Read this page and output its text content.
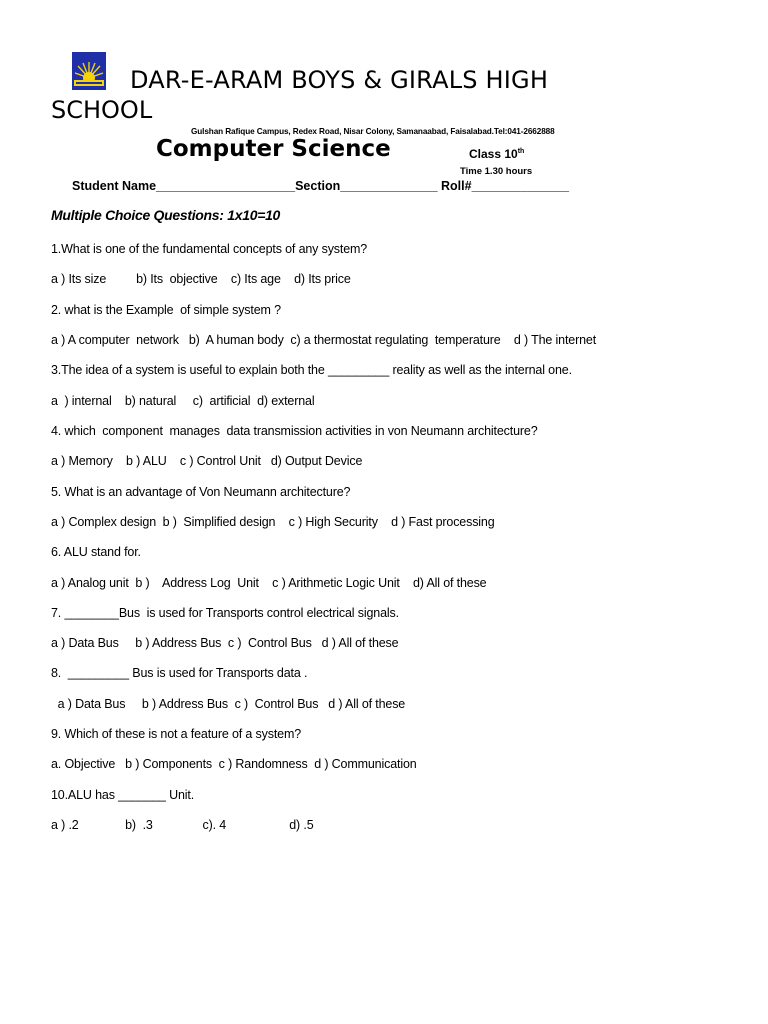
DAR-E-ARAM BOYS & GIRALS HIGH
SCHOOL
Gulshan Rafique Campus, Redex Road, Nisar Colony, Samanaabad, Faisalabad.Tel:041-2662888
Computer Science	Class 10th
Time 1.30 hours
Student Name____________________Section______________ Roll#______________
Multiple Choice Questions: 1x10=10
1.What is one of the fundamental concepts of any system?
a ) Its size         b) Its  objective    c) Its age    d) Its price
2. what is the Example  of simple system ?
a ) A computer  network   b)  A human body  c) a thermostat regulating  temperature    d ) The internet
3.The idea of a system is useful to explain both the _________ reality as well as the internal one.
a  ) internal    b) natural     c)  artificial  d) external
4. which  component  manages  data transmission activities in von Neumann architecture?
a ) Memory    b ) ALU    c ) Control Unit   d) Output Device
5. What is an advantage of Von Neumann architecture?
a ) Complex design  b )  Simplified design    c ) High Security    d ) Fast processing
6. ALU stand for.
a ) Analog unit  b )    Address Log  Unit    c ) Arithmetic Logic Unit    d) All of these
7. ________Bus  is used for Transports control electrical signals.
a ) Data Bus     b ) Address Bus  c )  Control Bus   d ) All of these
8.  _________ Bus is used for Transports data .
a ) Data Bus     b ) Address Bus  c )  Control Bus   d ) All of these
9. Which of these is not a feature of a system?
a. Objective   b ) Components  c ) Randomness  d ) Communication
10.ALU has _______ Unit.
a ) .2              b)  .3               c). 4                   d) .5
